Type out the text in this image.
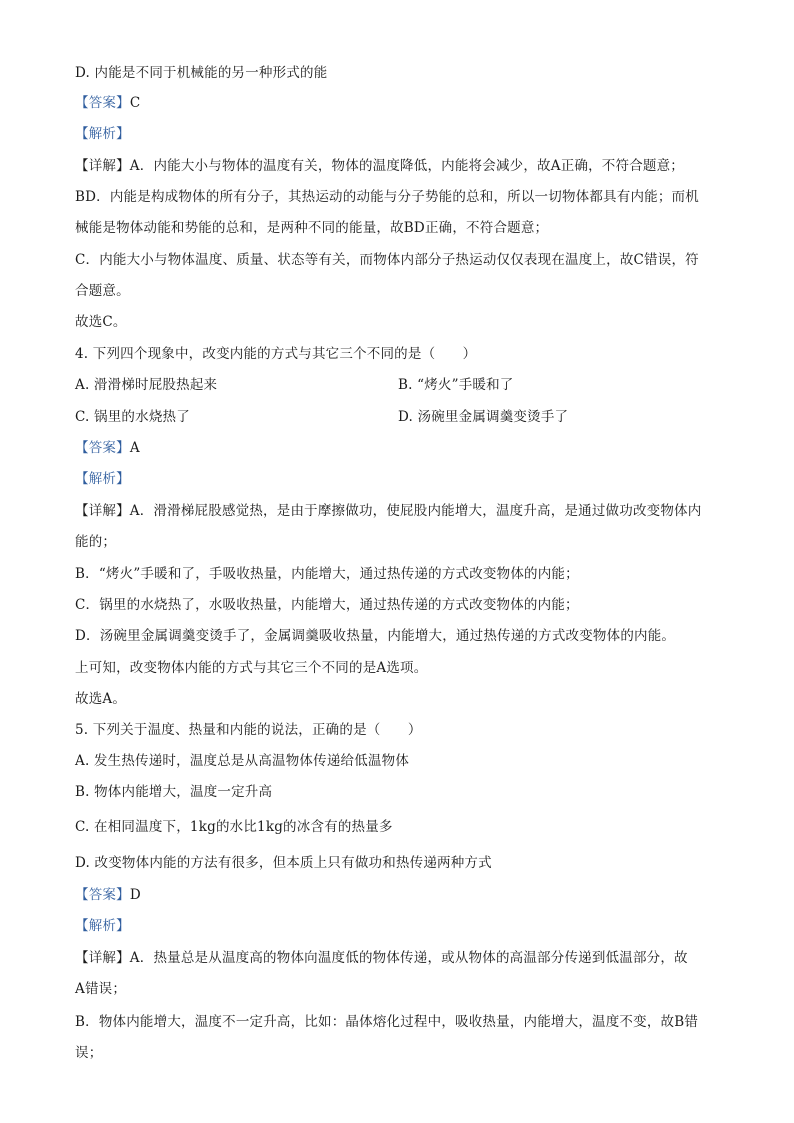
D. 内能是不同于机械能的另一种形式的能
【答案】C
【解析】
【详解】A．内能大小与物体的温度有关，物体的温度降低，内能将会减少，故A正确，不符合题意；
BD．内能是构成物体的所有分子，其热运动的动能与分子势能的总和，所以一切物体都具有内能；而机
械能是物体动能和势能的总和，是两种不同的能量，故BD正确，不符合题意；
C．内能大小与物体温度、质量、状态等有关，而物体内部分子热运动仅仅表现在温度上，故C错误，符
合题意。
故选C。
4. 下列四个现象中，改变内能的方式与其它三个不同的是（　　）
A. 滑滑梯时屁股热起来	B. “烤火”手暖和了
C. 锅里的水烧热了	D. 汤碗里金属调羹变烫手了
【答案】A
【解析】
【详解】A．滑滑梯屁股感觉热，是由于摩擦做功，使屁股内能增大，温度升高，是通过做功改变物体内
能的；
B．“烤火”手暖和了，手吸收热量，内能增大，通过热传递的方式改变物体的内能；
C．锅里的水烧热了，水吸收热量，内能增大，通过热传递的方式改变物体的内能；
D．汤碗里金属调羹变烫手了，金属调羹吸收热量，内能增大，通过热传递的方式改变物体的内能。
上可知，改变物体内能的方式与其它三个不同的是A选项。
故选A。
5. 下列关于温度、热量和内能的说法，正确的是（　　）
A. 发生热传递时，温度总是从高温物体传递给低温物体
B. 物体内能增大，温度一定升高
C. 在相同温度下，1kg的水比1kg的冰含有的热量多
D. 改变物体内能的方法有很多，但本质上只有做功和热传递两种方式
【答案】D
【解析】
【详解】A．热量总是从温度高的物体向温度低的物体传递，或从物体的高温部分传递到低温部分，故
A错误；
B．物体内能增大，温度不一定升高，比如：晶体熔化过程中，吸收热量，内能增大，温度不变，故B错
误；
